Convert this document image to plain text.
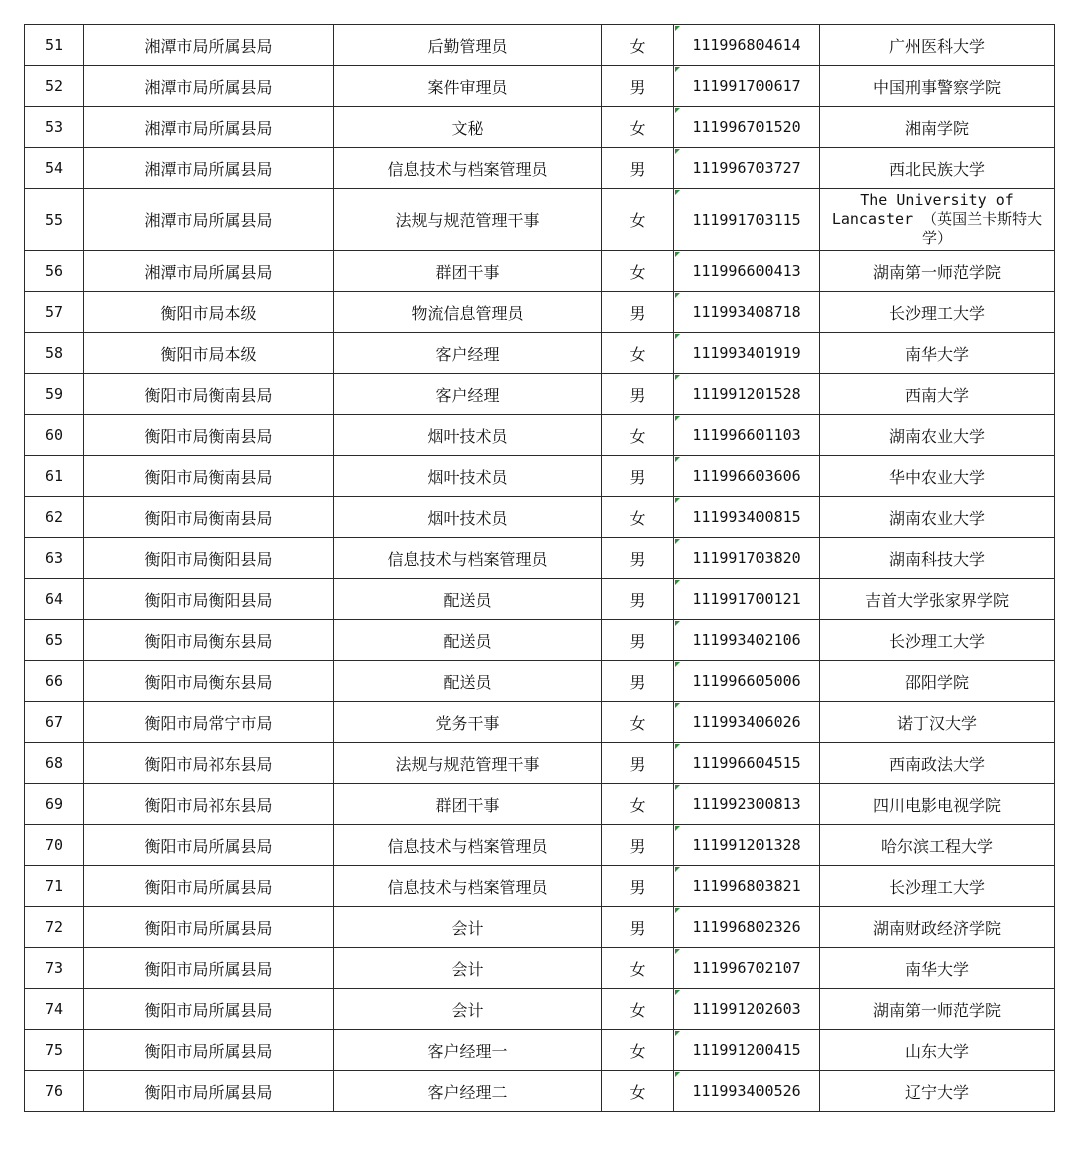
51	湘潭市局所属县局	后勤管理员	女	111996804614	广州医科大学
52	湘潭市局所属县局	案件审理员	男	111991700617	中国刑事警察学院
53	湘潭市局所属县局	文秘	女	111996701520	湘南学院
54	湘潭市局所属县局	信息技术与档案管理员	男	111996703727	西北民族大学
55	湘潭市局所属县局	法规与规范管理干事	女	111991703115	The University of Lancaster （英国兰卡斯特大学）
56	湘潭市局所属县局	群团干事	女	111996600413	湖南第一师范学院
57	衡阳市局本级	物流信息管理员	男	111993408718	长沙理工大学
58	衡阳市局本级	客户经理	女	111993401919	南华大学
59	衡阳市局衡南县局	客户经理	男	111991201528	西南大学
60	衡阳市局衡南县局	烟叶技术员	女	111996601103	湖南农业大学
61	衡阳市局衡南县局	烟叶技术员	男	111996603606	华中农业大学
62	衡阳市局衡南县局	烟叶技术员	女	111993400815	湖南农业大学
63	衡阳市局衡阳县局	信息技术与档案管理员	男	111991703820	湖南科技大学
64	衡阳市局衡阳县局	配送员	男	111991700121	吉首大学张家界学院
65	衡阳市局衡东县局	配送员	男	111993402106	长沙理工大学
66	衡阳市局衡东县局	配送员	男	111996605006	邵阳学院
67	衡阳市局常宁市局	党务干事	女	111993406026	诺丁汉大学
68	衡阳市局祁东县局	法规与规范管理干事	男	111996604515	西南政法大学
69	衡阳市局祁东县局	群团干事	女	111992300813	四川电影电视学院
70	衡阳市局所属县局	信息技术与档案管理员	男	111991201328	哈尔滨工程大学
71	衡阳市局所属县局	信息技术与档案管理员	男	111996803821	长沙理工大学
72	衡阳市局所属县局	会计	男	111996802326	湖南财政经济学院
73	衡阳市局所属县局	会计	女	111996702107	南华大学
74	衡阳市局所属县局	会计	女	111991202603	湖南第一师范学院
75	衡阳市局所属县局	客户经理一	女	111991200415	山东大学
76	衡阳市局所属县局	客户经理二	女	111993400526	辽宁大学
